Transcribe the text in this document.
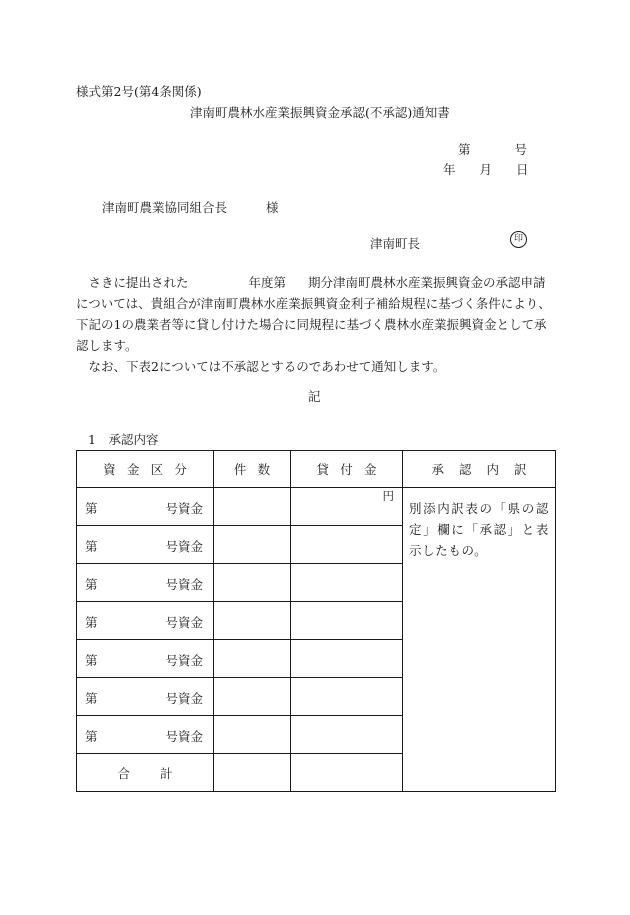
様式第2号(第4条関係)
津南町農林水産業振興資金承認(不承認)通知書
第	号
年 月 日
津南町農業協同組合長	様
津南町長	印

さきに提出された	年度第 期分津南町農林水産業振興資金の承認申請については、貴組合が津南町農林水産業振興資金利子補給規程に基づく条件により、下記の1の農業者等に貸し付けた場合に同規程に基づく農林水産業振興資金として承認します。

なお、下表2については不承認とするのであわせて通知します。

記
1　承認内容
資金区分	件数	貸付金	承認内訳

第 号資金		円	別添内訳表の「県の認定」欄に「承認」と表示したもの。

第 号資金			

第 号資金			

第 号資金			

第 号資金			

第 号資金			

第 号資金			

合計			
